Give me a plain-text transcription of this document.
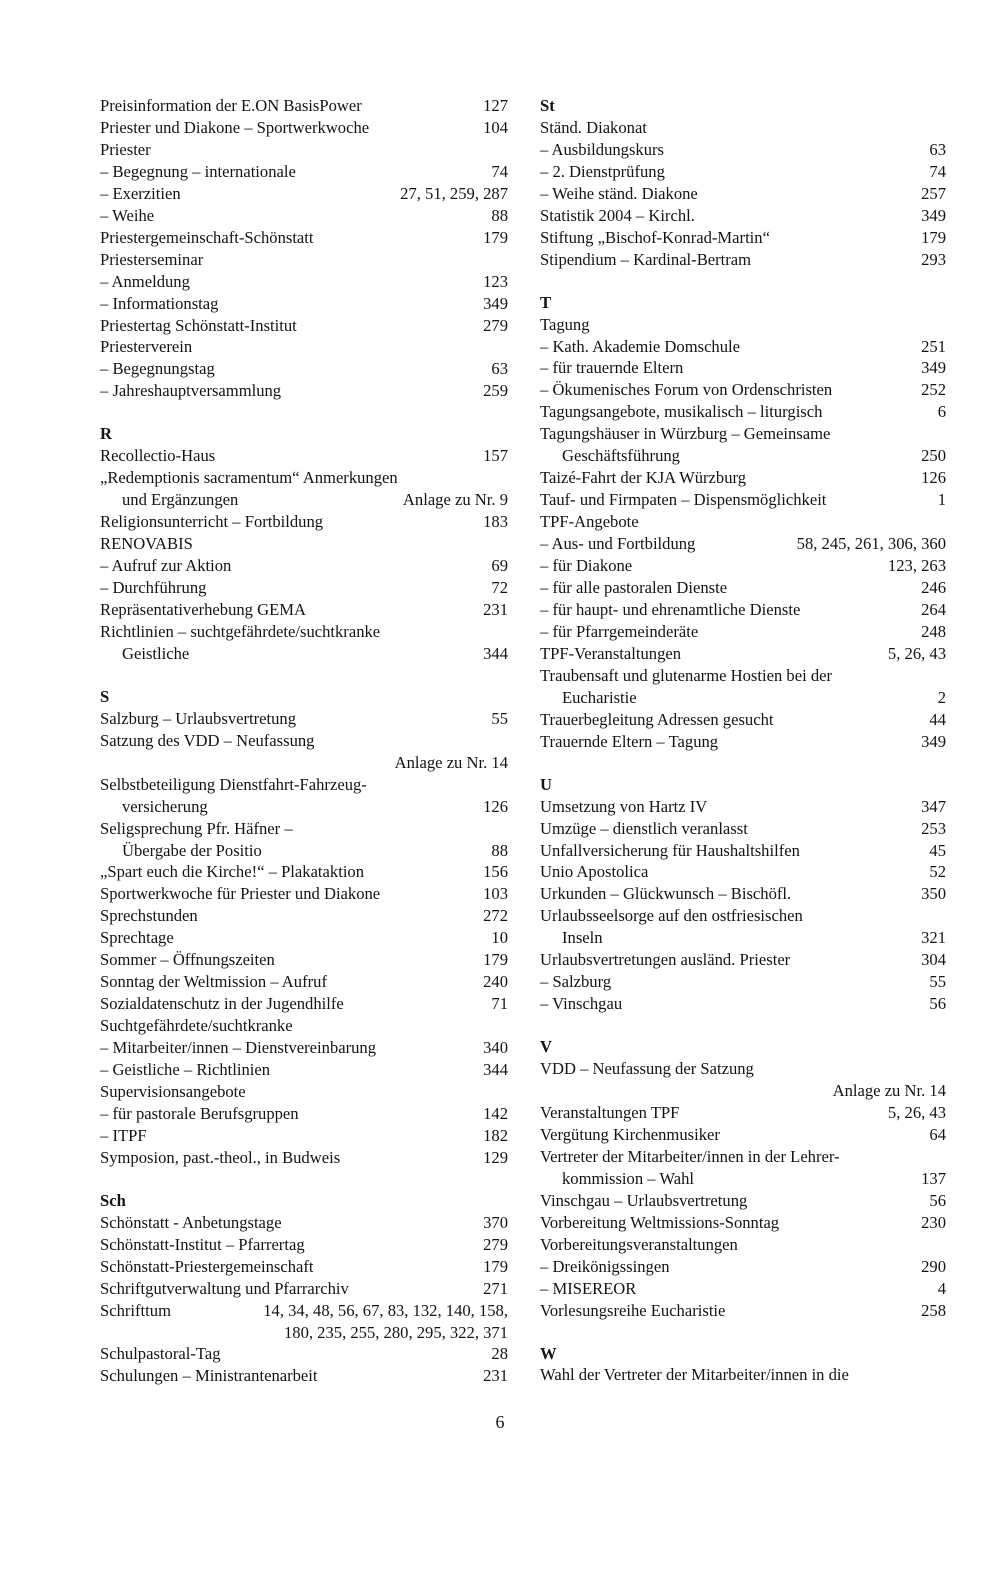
Preisinformation der E.ON BasisPower	127
Priester und Diakone – Sportwerkwoche	104
Priester
– Begegnung – internationale	74
– Exerzitien	27, 51, 259, 287
– Weihe	88
Priestergemeinschaft-Schönstatt	179
Priesterseminar
– Anmeldung	123
– Informationstag	349
Priestertag Schönstatt-Institut	279
Priesterverein
– Begegnungstag	63
– Jahreshauptversammlung	259
R
Recollectio-Haus	157
„Redemptionis sacramentum“ Anmerkungen
und Ergänzungen	Anlage zu Nr. 9
Religionsunterricht – Fortbildung	183
RENOVABIS
– Aufruf zur Aktion	69
– Durchführung	72
Repräsentativerhebung GEMA	231
Richtlinien – suchtgefährdete/suchtkranke
Geistliche	344
S
Salzburg – Urlaubsvertretung	55
Satzung des VDD – Neufassung
Anlage zu Nr. 14
Selbstbeteiligung Dienstfahrt-Fahrzeug-
versicherung	126
Seligsprechung Pfr. Häfner –
Übergabe der Positio	88
„Spart euch die Kirche!“ – Plakataktion	156
Sportwerkwoche für Priester und Diakone	103
Sprechstunden	272
Sprechtage	10
Sommer – Öffnungszeiten	179
Sonntag der Weltmission – Aufruf	240
Sozialdatenschutz in der Jugendhilfe	71
Suchtgefährdete/suchtkranke
– Mitarbeiter/innen – Dienstvereinbarung	340
– Geistliche – Richtlinien	344
Supervisionsangebote
– für pastorale Berufsgruppen	142
– ITPF	182
Symposion, past.-theol., in Budweis	129
Sch
Schönstatt - Anbetungstage	370
Schönstatt-Institut – Pfarrertag	279
Schönstatt-Priestergemeinschaft	179
Schriftgutverwaltung und Pfarrarchiv	271
Schrifttum	14, 34, 48, 56, 67, 83, 132, 140, 158,
180, 235, 255, 280, 295, 322, 371
Schulpastoral-Tag	28
Schulungen – Ministrantenarbeit	231
St
Ständ. Diakonat
– Ausbildungskurs	63
– 2. Dienstprüfung	74
– Weihe ständ. Diakone	257
Statistik 2004 – Kirchl.	349
Stiftung „Bischof-Konrad-Martin“	179
Stipendium – Kardinal-Bertram	293
T
Tagung
– Kath. Akademie Domschule	251
– für trauernde Eltern	349
– Ökumenisches Forum von Ordenschristen	252
Tagungsangebote, musikalisch – liturgisch	6
Tagungshäuser in Würzburg – Gemeinsame
Geschäftsführung	250
Taizé-Fahrt der KJA Würzburg	126
Tauf- und Firmpaten – Dispensmöglichkeit	1
TPF-Angebote
– Aus- und Fortbildung	58, 245, 261, 306, 360
– für Diakone	123, 263
– für alle pastoralen Dienste	246
– für haupt- und ehrenamtliche Dienste	264
– für Pfarrgemeinderäte	248
TPF-Veranstaltungen	5, 26, 43
Traubensaft und glutenarme Hostien bei der
Eucharistie	2
Trauerbegleitung Adressen gesucht	44
Trauernde Eltern – Tagung	349
U
Umsetzung von Hartz IV	347
Umzüge – dienstlich veranlasst	253
Unfallversicherung für Haushaltshilfen	45
Unio Apostolica	52
Urkunden – Glückwunsch – Bischöfl.	350
Urlaubsseelsorge auf den ostfriesischen
Inseln	321
Urlaubsvertretungen ausländ. Priester	304
– Salzburg	55
– Vinschgau	56
V
VDD – Neufassung der Satzung
Anlage zu Nr. 14
Veranstaltungen TPF	5, 26, 43
Vergütung Kirchenmusiker	64
Vertreter der Mitarbeiter/innen in der Lehrer-
kommission – Wahl	137
Vinschgau – Urlaubsvertretung	56
Vorbereitung Weltmissions-Sonntag	230
Vorbereitungsveranstaltungen
– Dreikönigssingen	290
– MISEREOR	4
Vorlesungsreihe Eucharistie	258
W
Wahl der Vertreter der Mitarbeiter/innen in die
6
